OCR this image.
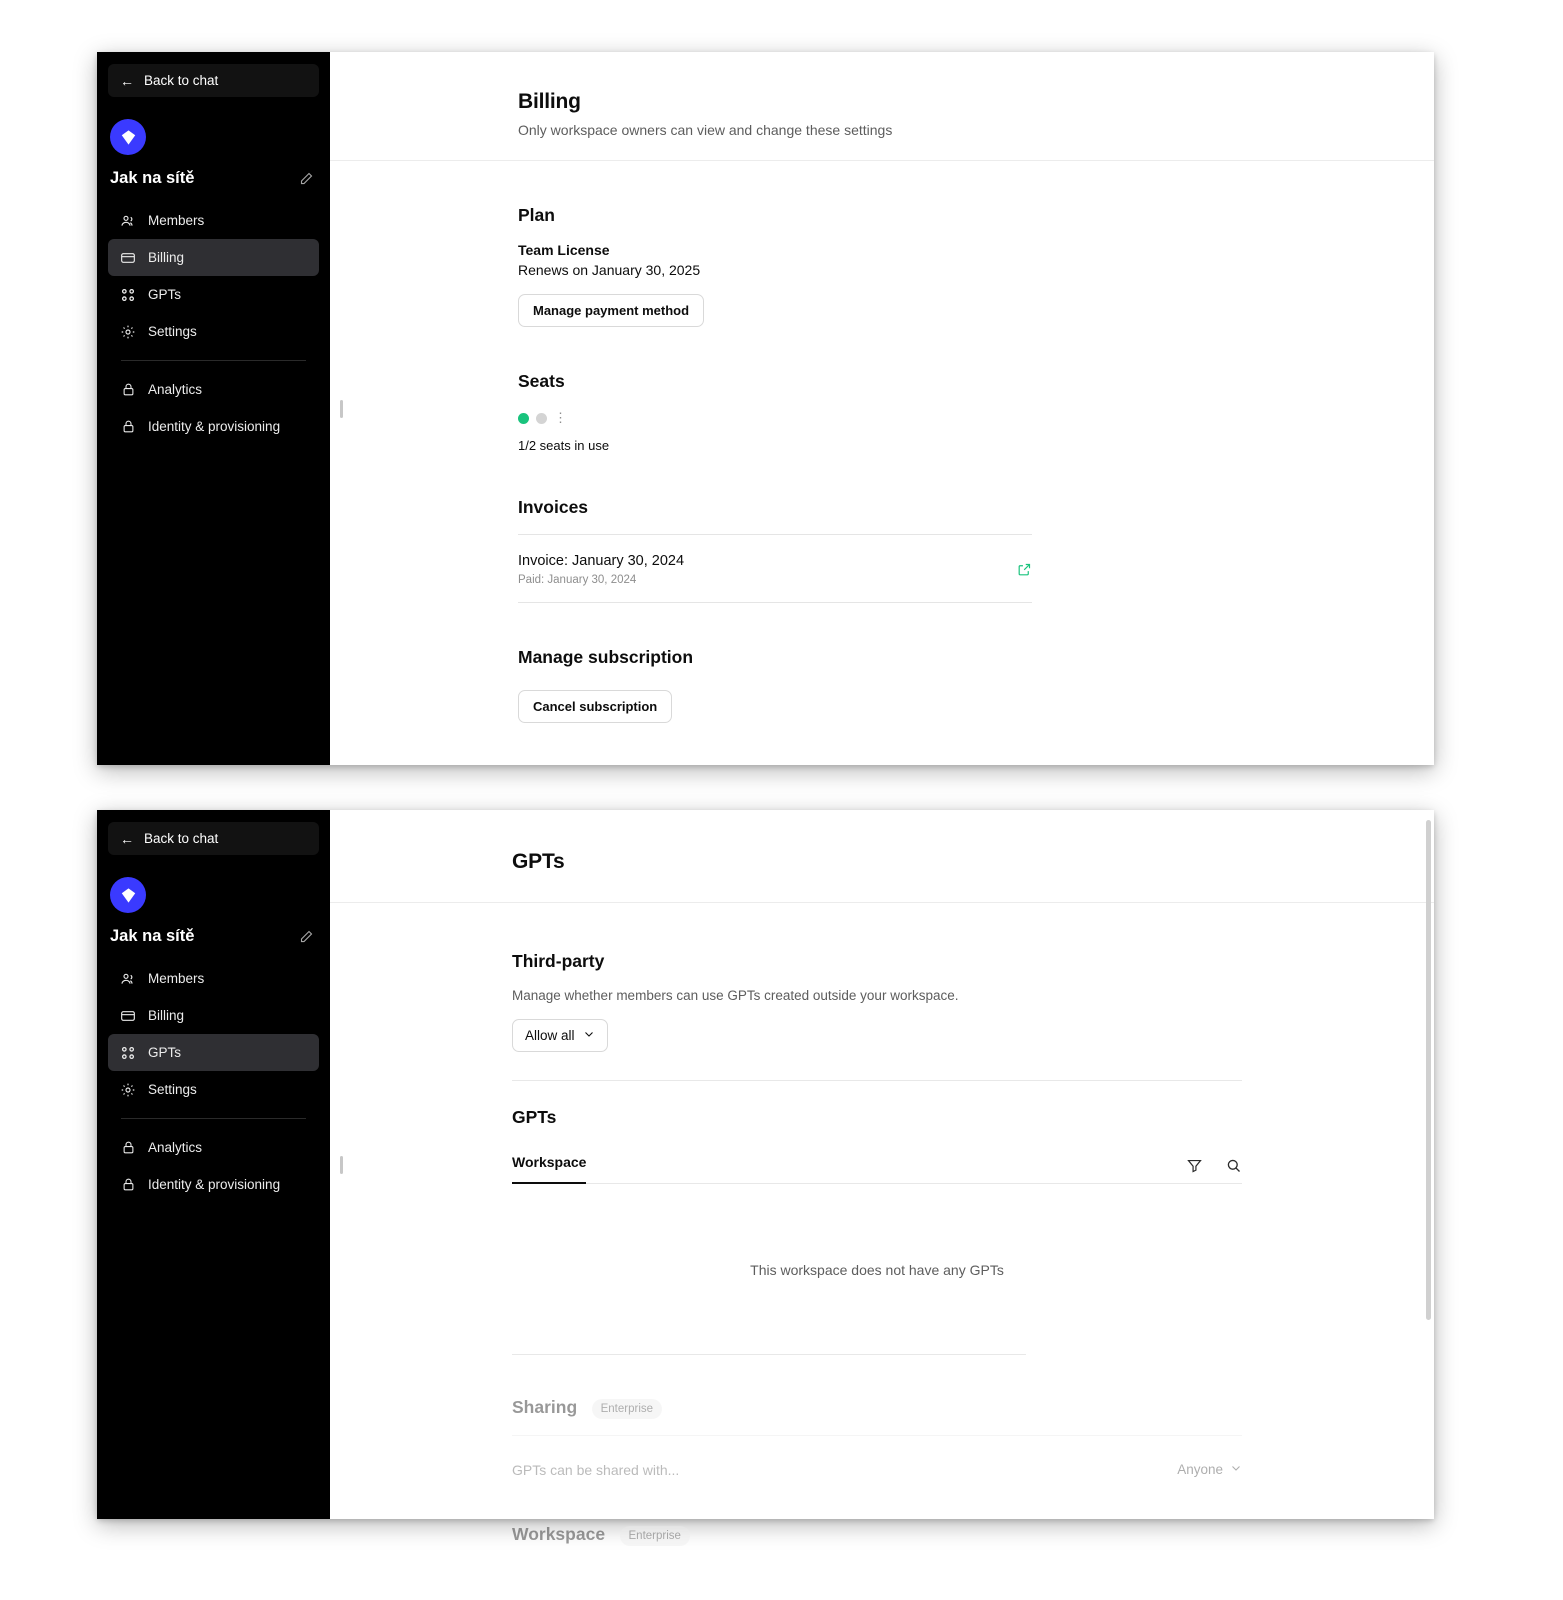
← Back to chat
Jak na sítě
Members
Billing
GPTs
Settings
Analytics
Identity & provisioning
Billing
Only workspace owners can view and change these settings
Plan
Team License
Renews on January 30, 2025
Manage payment method
Seats
⋮
1/2 seats in use
Invoices
Invoice: January 30, 2024
Paid: January 30, 2024
Manage subscription
Cancel subscription
← Back to chat
Jak na sítě
Members
Billing
GPTs
Settings
Analytics
Identity & provisioning
GPTs
Third-party
Manage whether members can use GPTs created outside your workspace.
Allow all
GPTs
Workspace
This workspace does not have any GPTs
Sharing Enterprise
GPTs can be shared with...	Anyone
Workspace Enterprise
